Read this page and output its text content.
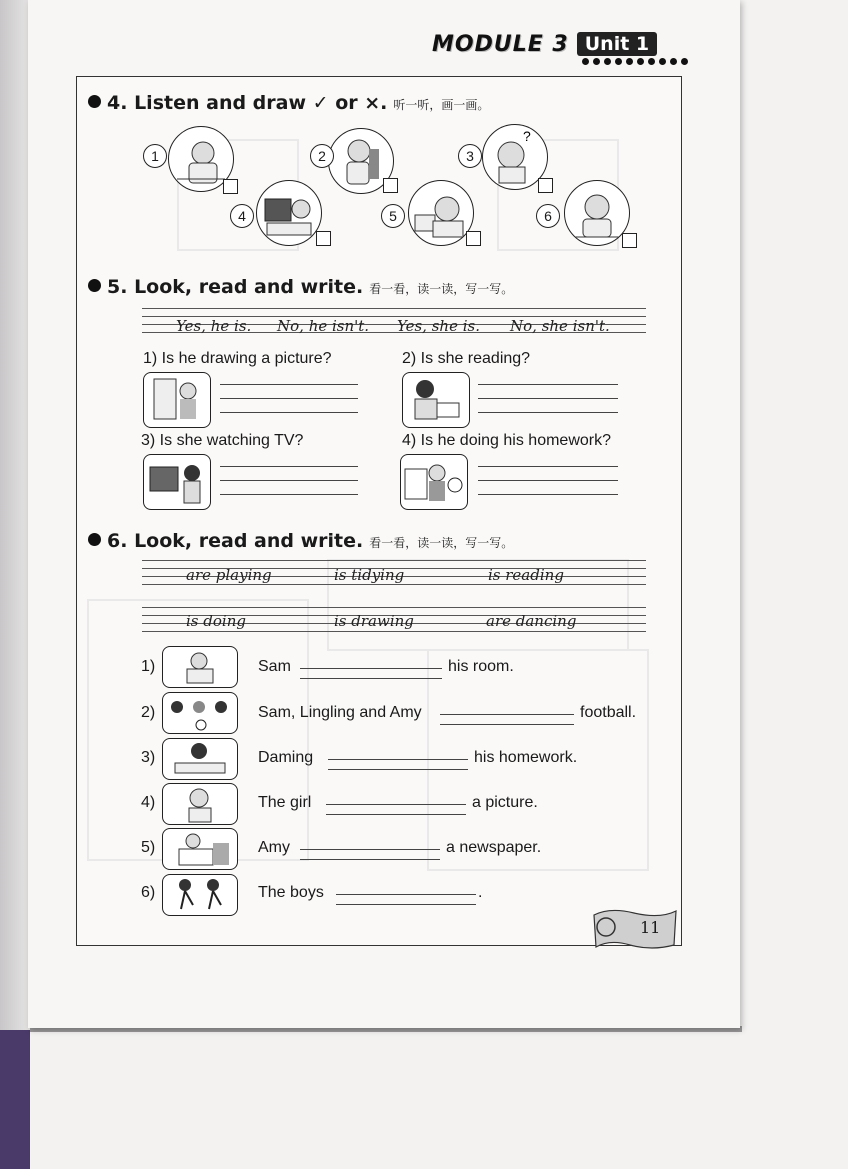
MODULE 3 Unit 1
4. Listen and draw ✓ or ×. 听一听，画一画。
1	2
?
3
4	5	6
5. Look, read and write. 看一看，读一读，写一写。
Yes, he is. No, he isn't. Yes, she is. No, she isn't.
1) Is he drawing a picture?	2) Is she reading?
3) Is she watching TV?	4) Is he doing his homework?
6. Look, read and write. 看一看，读一读，写一写。
are playing	is tidying	is reading
is doing	is drawing	are dancing
1)	Sam	his room.
2)	Sam, Lingling and Amy	football.
3)	Daming	his homework.
4)	The girl	a picture.
5)	Amy	a newspaper.
6)	The boys	.
11
